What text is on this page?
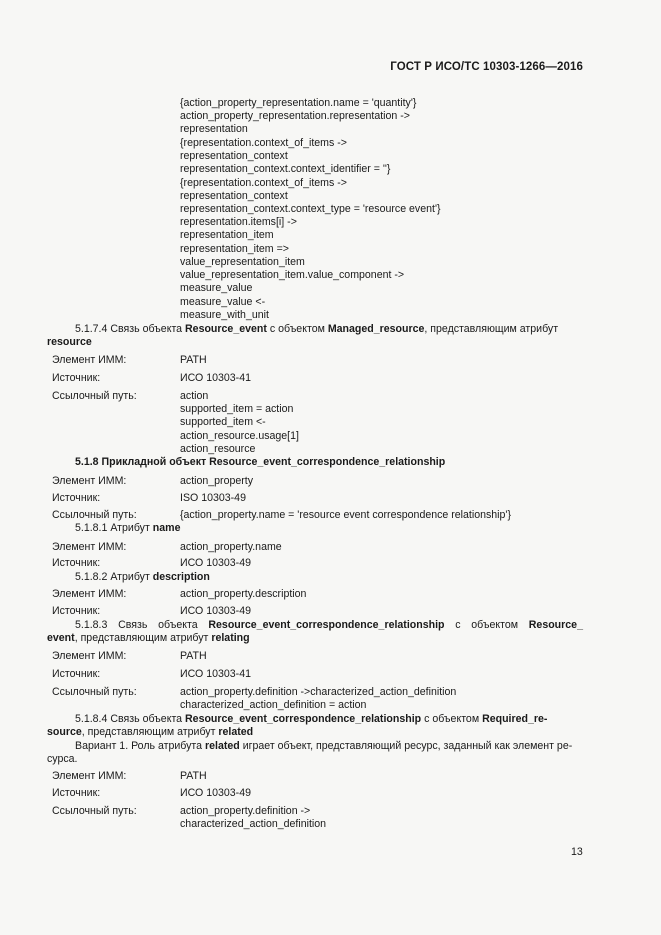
ГОСТ Р ИСО/ТС 10303-1266—2016
{action_property_representation.name = 'quantity'}
action_property_representation.representation ->
representation
{representation.context_of_items ->
representation_context
representation_context.context_identifier = ''}
{representation.context_of_items ->
representation_context
representation_context.context_type = 'resource event'}
representation.items[i] ->
representation_item
representation_item =>
value_representation_item
value_representation_item.value_component ->
measure_value
measure_value <-
measure_with_unit
5.1.7.4 Связь объекта Resource_event с объектом Managed_resource, представляющим атрибут
resource
Элемент ИММ:	PATH
Источник:	ИСО 10303-41
Ссылочный путь:	action
supported_item = action
supported_item <-
action_resource.usage[1]
action_resource
5.1.8 Прикладной объект Resource_event_correspondence_relationship
Элемент ИММ:	action_property
Источник:	ISO 10303-49
Ссылочный путь:	{action_property.name = 'resource event correspondence relationship'}
5.1.8.1 Атрибут name
Элемент ИММ:	action_property.name
Источник:	ИСО 10303-49
5.1.8.2 Атрибут description
Элемент ИММ:	action_property.description
Источник:	ИСО 10303-49
5.1.8.3 Связь объекта Resource_event_correspondence_relationship с объектом Resource_
event, представляющим атрибут relating
Элемент ИММ:	PATH
Источник:	ИСО 10303-41
Ссылочный путь:	action_property.definition ->characterized_action_definition
characterized_action_definition = action
5.1.8.4 Связь объекта Resource_event_correspondence_relationship с объектом Required_re-
source, представляющим атрибут related
Вариант 1. Роль атрибута related играет объект, представляющий ресурс, заданный как элемент ре-
сурса.
Элемент ИММ:	PATH
Источник:	ИСО 10303-49
Ссылочный путь:	action_property.definition ->
characterized_action_definition
13
